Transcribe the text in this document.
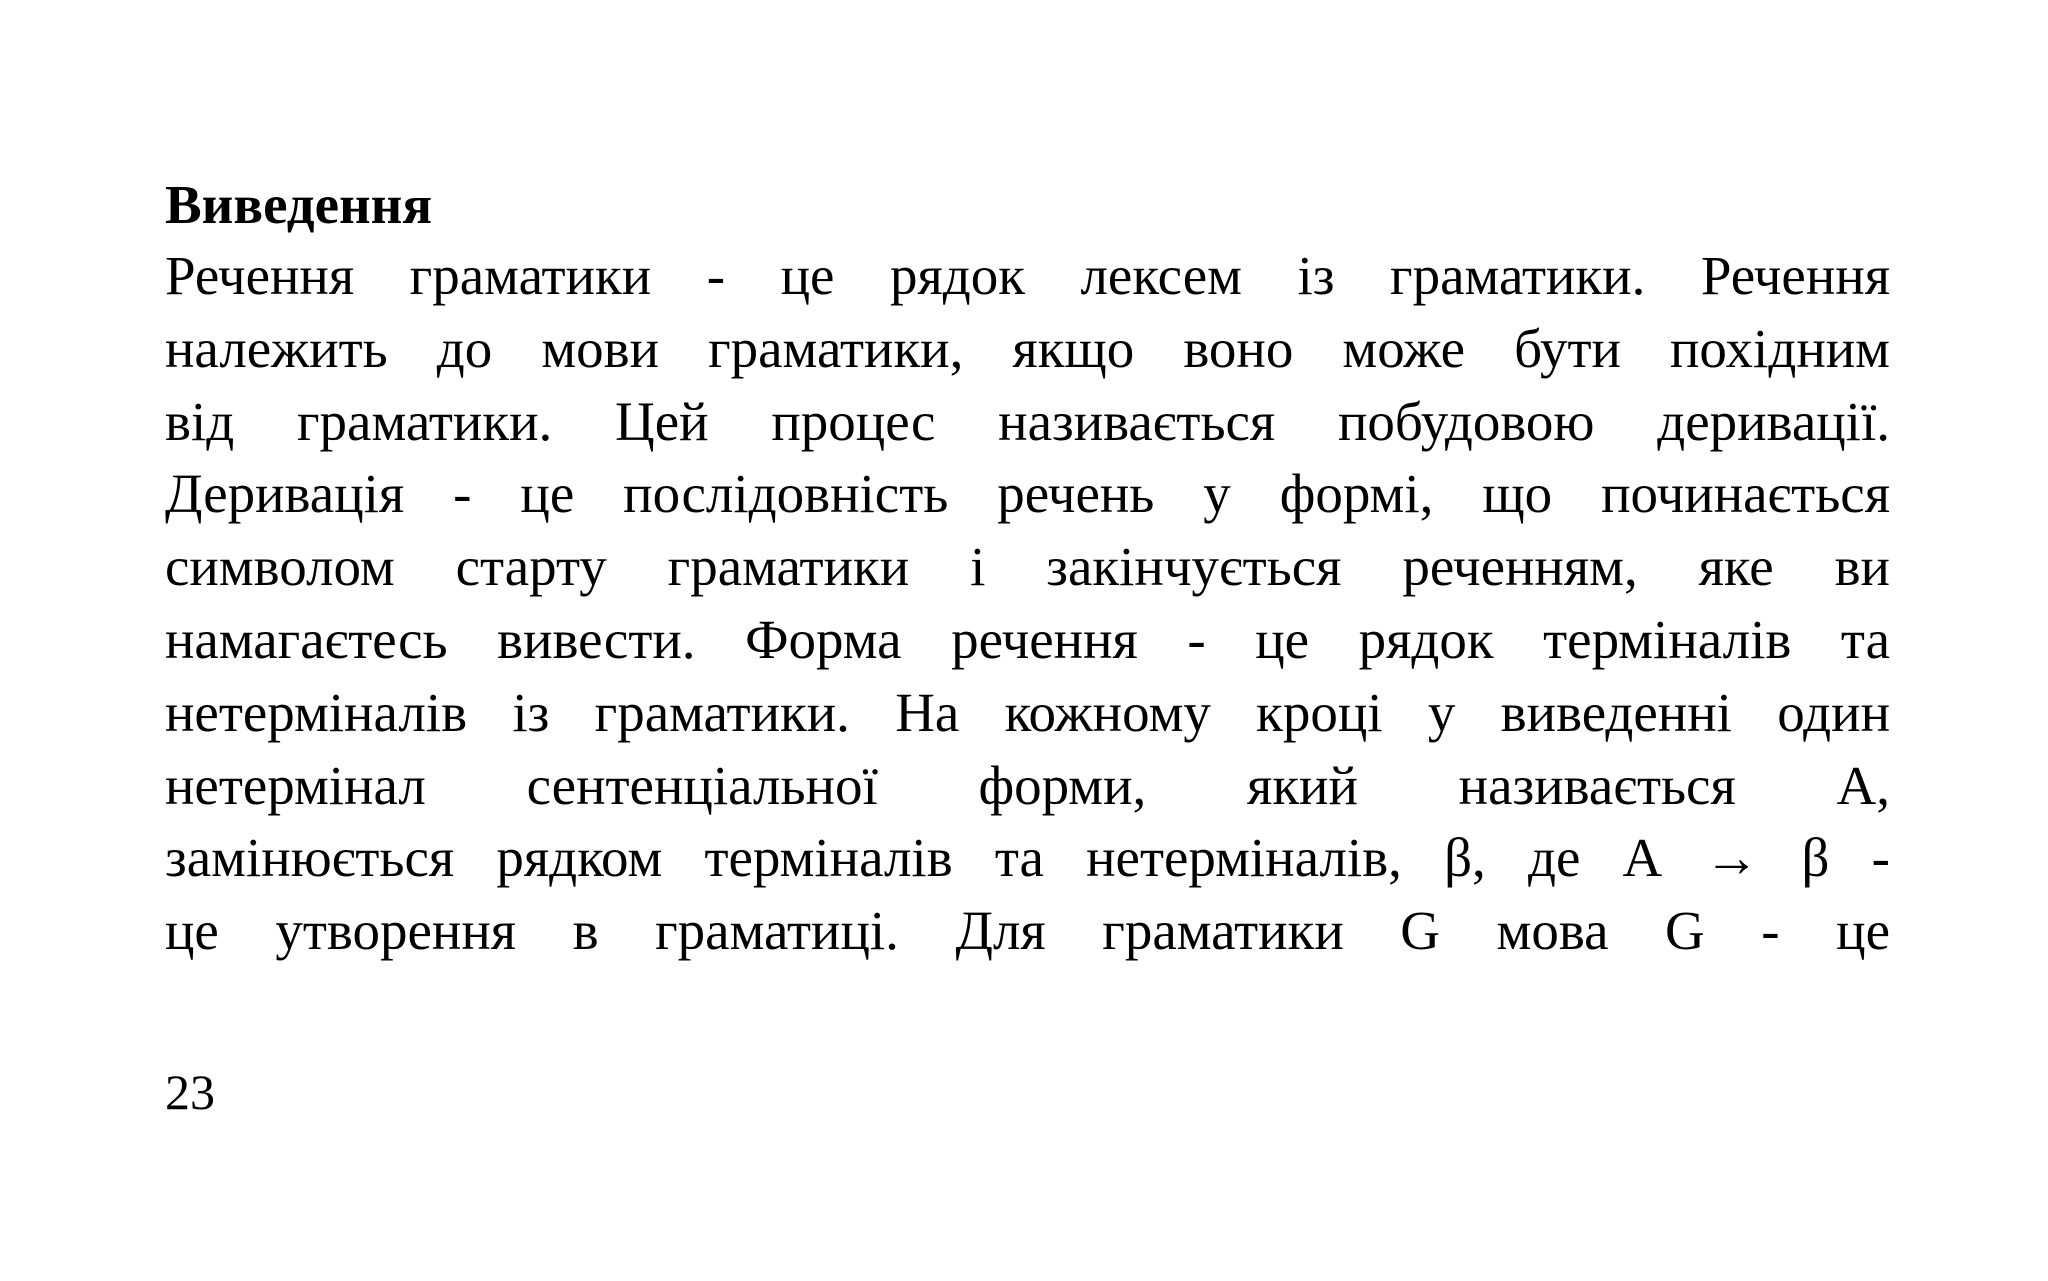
Виведення
Речення граматики - це рядок лексем із граматики. Речення
належить до мови граматики, якщо воно може бути похідним
від граматики. Цей процес називається побудовою деривації.
Деривація - це послідовність речень у формі, що починається
символом старту граматики і закінчується реченням, яке ви
намагаєтесь вивести. Форма речення - це рядок терміналів та
нетерміналів із граматики. На кожному кроці у виведенні один
нетермінал сентенціальної форми, який називається А,
замінюється рядком терміналів та нетерміналів, β, де А → β -
це утворення в граматиці. Для граматики G мова G - це
23
